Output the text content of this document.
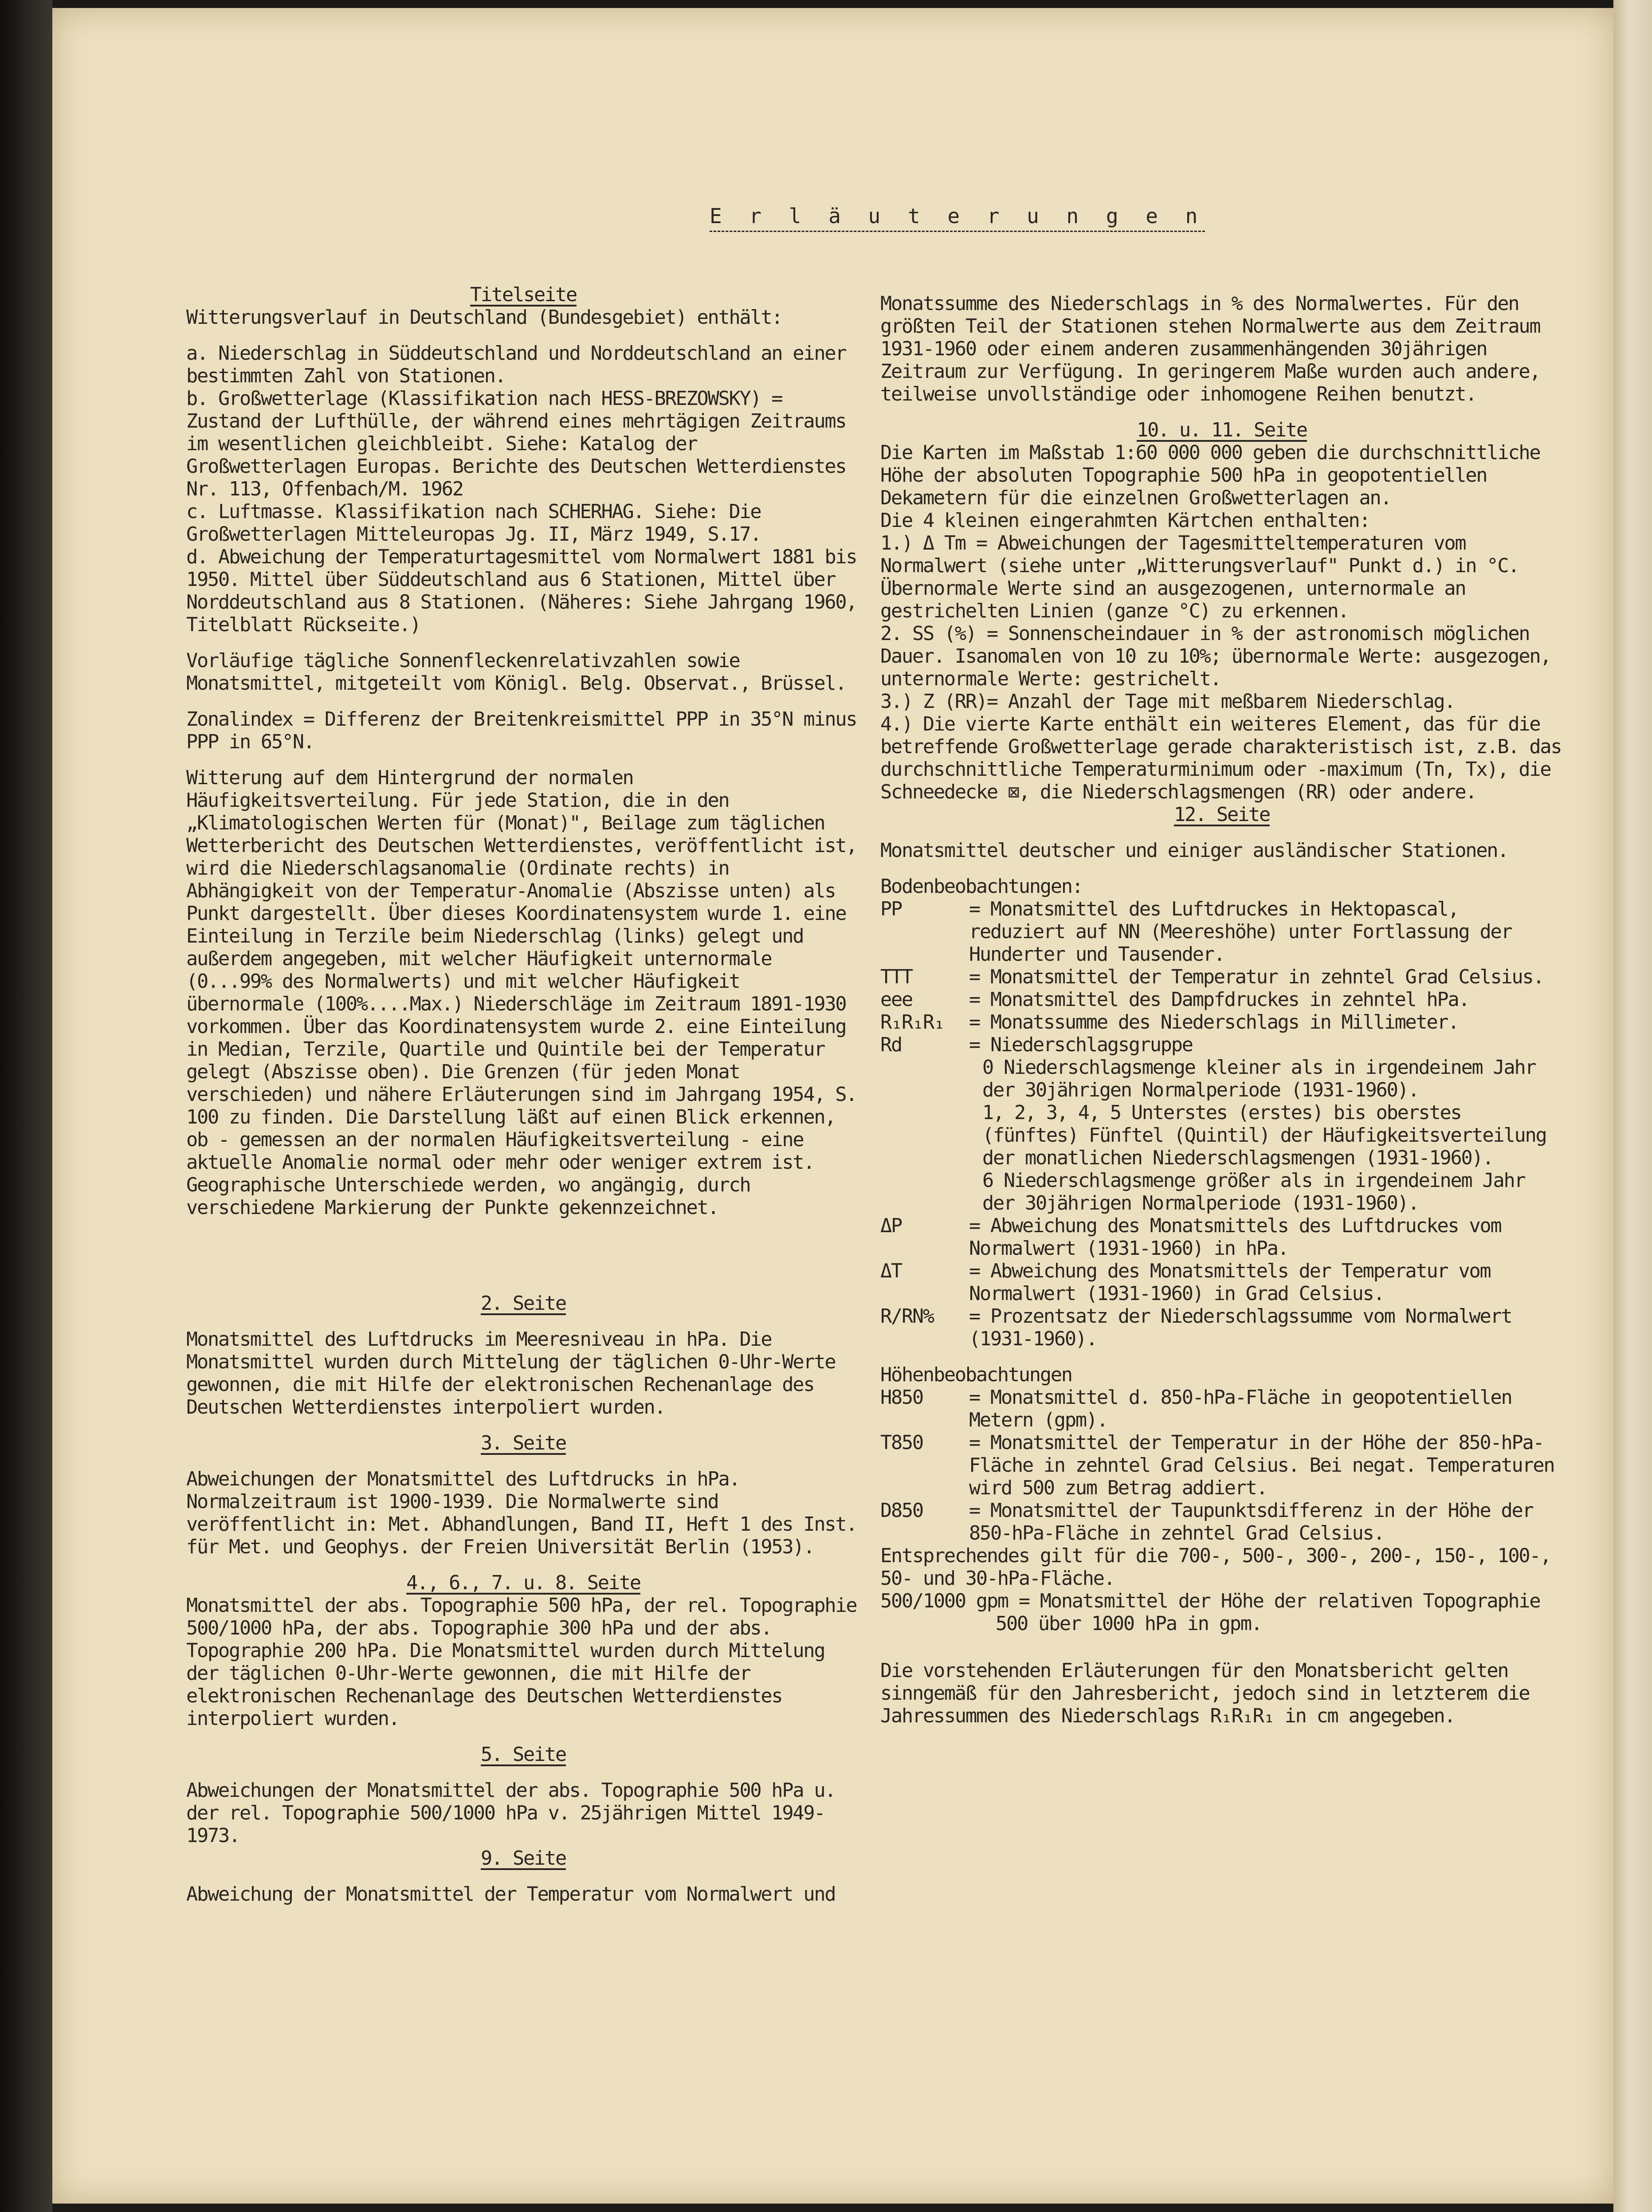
E r l ä u t e r u n g e n

Titelseite

Witterungsverlauf in Deutschland (Bundesgebiet) enthält:

a. Niederschlag in Süddeutschland und Norddeutschland an einer bestimmten Zahl von Stationen.

b. Großwetterlage (Klassifikation nach HESS-BREZOWSKY) = Zustand der Lufthülle, der während eines mehrtägigen Zeitraums im wesentlichen gleichbleibt. Siehe: Katalog der Großwetterlagen Europas. Berichte des Deutschen Wetterdienstes Nr. 113, Offenbach/M. 1962

c. Luftmasse. Klassifikation nach SCHERHAG. Siehe: Die Großwetterlagen Mitteleuropas Jg. II, März 1949, S.17.

d. Abweichung der Temperaturtagesmittel vom Normalwert 1881 bis 1950. Mittel über Süddeutschland aus 6 Stationen, Mittel über Norddeutschland aus 8 Stationen. (Näheres: Siehe Jahrgang 1960, Titelblatt Rückseite.)

Vorläufige tägliche Sonnenfleckenrelativzahlen sowie Monatsmittel, mitgeteilt vom Königl. Belg. Observat., Brüssel.

Zonalindex = Differenz der Breitenkreismittel PPP in 35°N minus PPP in 65°N.

Witterung auf dem Hintergrund der normalen Häufigkeitsverteilung. Für jede Station, die in den „Klimatologischen Werten für (Monat)", Beilage zum täglichen Wetterbericht des Deutschen Wetterdienstes, veröffentlicht ist, wird die Niederschlagsanomalie (Ordinate rechts) in Abhängigkeit von der Temperatur-Anomalie (Abszisse unten) als Punkt dargestellt. Über dieses Koordinatensystem wurde 1. eine Einteilung in Terzile beim Niederschlag (links) gelegt und außerdem angegeben, mit welcher Häufigkeit unternormale (0...99% des Normalwerts) und mit welcher Häufigkeit übernormale (100%....Max.) Niederschläge im Zeitraum 1891-1930 vorkommen. Über das Koordinatensystem wurde 2. eine Einteilung in Median, Terzile, Quartile und Quintile bei der Temperatur gelegt (Abszisse oben). Die Grenzen (für jeden Monat verschieden) und nähere Erläuterungen sind im Jahrgang 1954, S. 100 zu finden. Die Darstellung läßt auf einen Blick erkennen, ob - gemessen an der normalen Häufigkeitsverteilung - eine aktuelle Anomalie normal oder mehr oder weniger extrem ist. Geographische Unterschiede werden, wo angängig, durch verschiedene Markierung der Punkte gekennzeichnet.

2. Seite

Monatsmittel des Luftdrucks im Meeresniveau in hPa. Die Monatsmittel wurden durch Mittelung der täglichen 0-Uhr-Werte gewonnen, die mit Hilfe der elektronischen Rechenanlage des Deutschen Wetterdienstes interpoliert wurden.

3. Seite

Abweichungen der Monatsmittel des Luftdrucks in hPa. Normalzeitraum ist 1900-1939. Die Normalwerte sind veröffentlicht in: Met. Abhandlungen, Band II, Heft 1 des Inst. für Met. und Geophys. der Freien Universität Berlin (1953).

4., 6., 7. u. 8. Seite

Monatsmittel der abs. Topographie 500 hPa, der rel. Topographie 500/1000 hPa, der abs. Topographie 300 hPa und der abs. Topographie 200 hPa. Die Monatsmittel wurden durch Mittelung der täglichen 0-Uhr-Werte gewonnen, die mit Hilfe der elektronischen Rechenanlage des Deutschen Wetterdienstes interpoliert wurden.

5. Seite

Abweichungen der Monatsmittel der abs. Topographie 500 hPa u. der rel. Topographie 500/1000 hPa v. 25jährigen Mittel 1949-1973.

9. Seite

Abweichung der Monatsmittel der Temperatur vom Normalwert und

Monatssumme des Niederschlags in % des Normalwertes. Für den größten Teil der Stationen stehen Normalwerte aus dem Zeitraum 1931-1960 oder einem anderen zusammenhängenden 30jährigen Zeitraum zur Verfügung. In geringerem Maße wurden auch andere, teilweise unvollständige oder inhomogene Reihen benutzt.

10. u. 11. Seite

Die Karten im Maßstab 1:60 000 000 geben die durchschnittliche Höhe der absoluten Topographie 500 hPa in geopotentiellen Dekametern für die einzelnen Großwetterlagen an.

Die 4 kleinen eingerahmten Kärtchen enthalten:

1.) Δ Tm = Abweichungen der Tagesmitteltemperaturen vom Normalwert (siehe unter „Witterungsverlauf" Punkt d.) in °C. Übernormale Werte sind an ausgezogenen, unternormale an gestrichelten Linien (ganze °C) zu erkennen.

2. SS (%) = Sonnenscheindauer in % der astronomisch möglichen Dauer. Isanomalen von 10 zu 10%; übernormale Werte: ausgezogen, unternormale Werte: gestrichelt.

3.) Z (RR)= Anzahl der Tage mit meßbarem Niederschlag.

4.) Die vierte Karte enthält ein weiteres Element, das für die betreffende Großwetterlage gerade charakteristisch ist, z.B. das durchschnittliche Temperaturminimum oder -maximum (Tn, Tx), die Schneedecke ⊠, die Niederschlagsmengen (RR) oder andere.

12. Seite

Monatsmittel deutscher und einiger ausländischer Stationen.

Bodenbeobachtungen:

PP	= Monatsmittel des Luftdruckes in Hektopascal, reduziert auf NN (Meereshöhe) unter Fortlassung der Hunderter und Tausender.
TTT	= Monatsmittel der Temperatur in zehntel Grad Celsius.
eee	= Monatsmittel des Dampfdruckes in zehntel hPa.
R₁R₁R₁	= Monatssumme des Niederschlags in Millimeter.
Rd	= Niederschlagsgruppe

0 Niederschlagsmenge kleiner als in irgendeinem Jahr der 30jährigen Normalperiode (1931-1960).

1, 2, 3, 4, 5 Unterstes (erstes) bis oberstes (fünftes) Fünftel (Quintil) der Häufigkeitsverteilung der monatlichen Niederschlagsmengen (1931-1960).

6 Niederschlagsmenge größer als in irgendeinem Jahr der 30jährigen Normalperiode (1931-1960).

ΔP	= Abweichung des Monatsmittels des Luftdruckes vom Normalwert (1931-1960) in hPa.
ΔT	= Abweichung des Monatsmittels der Temperatur vom Normalwert (1931-1960) in Grad Celsius.
R/RN%	= Prozentsatz der Niederschlagssumme vom Normalwert (1931-1960).

Höhenbeobachtungen

H850	= Monatsmittel d. 850-hPa-Fläche in geopotentiellen Metern (gpm).
T850	= Monatsmittel der Temperatur in der Höhe der 850-hPa-Fläche in zehntel Grad Celsius. Bei negat. Temperaturen wird 500 zum Betrag addiert.
D850	= Monatsmittel der Taupunktsdifferenz in der Höhe der 850-hPa-Fläche in zehntel Grad Celsius.

Entsprechendes gilt für die 700-, 500-, 300-, 200-, 150-, 100-, 50- und 30-hPa-Fläche.

500/1000 gpm = Monatsmittel der Höhe der relativen Topographie

500 über 1000 hPa in gpm.

Die vorstehenden Erläuterungen für den Monatsbericht gelten sinngemäß für den Jahresbericht, jedoch sind in letzterem die Jahressummen des Niederschlags R₁R₁R₁ in cm angegeben.
